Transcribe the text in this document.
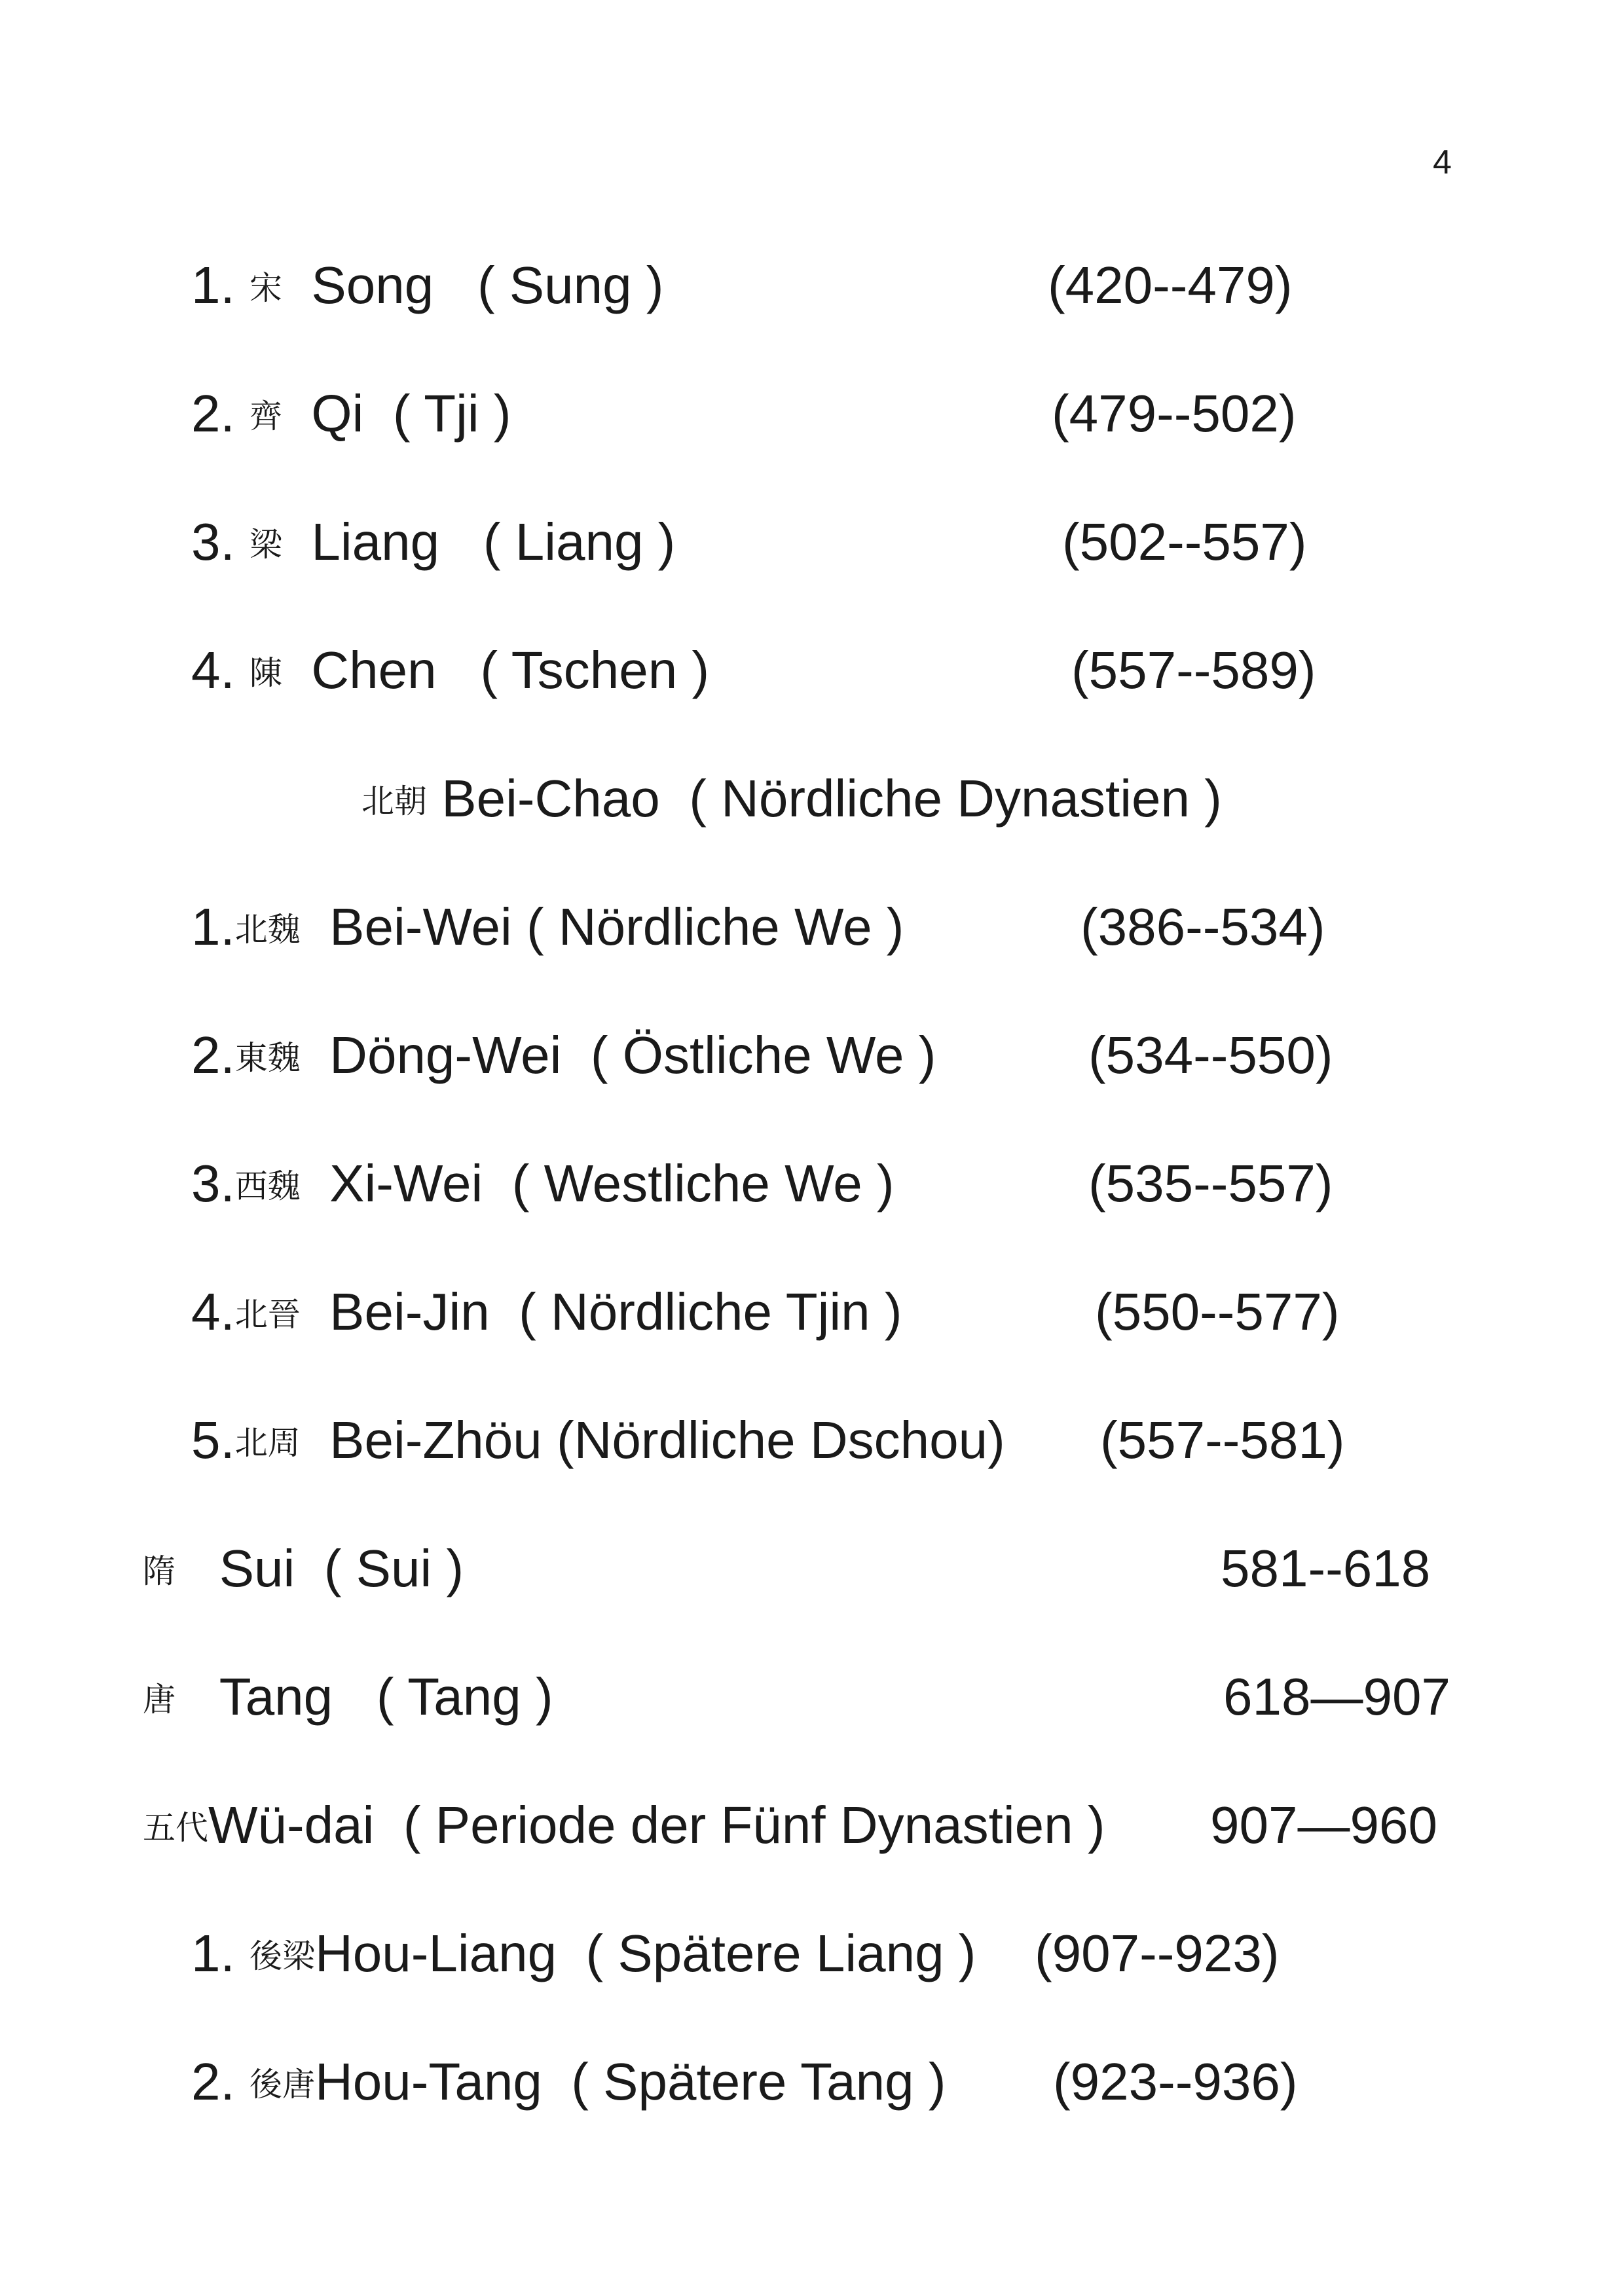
4
1. 宋 Song ( Sung )	(420--479)
2. 齊 Qi ( Tji )	(479--502)
3. 梁 Liang ( Liang )	(502--557)
4. 陳 Chen ( Tschen )	(557--589)
北朝 Bei-Chao ( Nördliche Dynastien )
1.北魏 Bei-Wei ( Nördliche We )	(386--534)
2.東魏 Döng-Wei ( Östliche We )	(534--550)
3.西魏 Xi-Wei ( Westliche We )	(535--557)
4.北晉 Bei-Jin ( Nördliche Tjin )	(550--577)
5.北周 Bei-Zhöu (Nördliche Dschou) (557--581)
隋 Sui ( Sui )	581--618
唐 Tang ( Tang )	618—907
五代Wü-dai ( Periode der Fünf Dynastien ) 907—960
1. 後梁Hou-Liang ( Spätere Liang ) (907--923)
2. 後唐Hou-Tang ( Spätere Tang ) (923--936)
